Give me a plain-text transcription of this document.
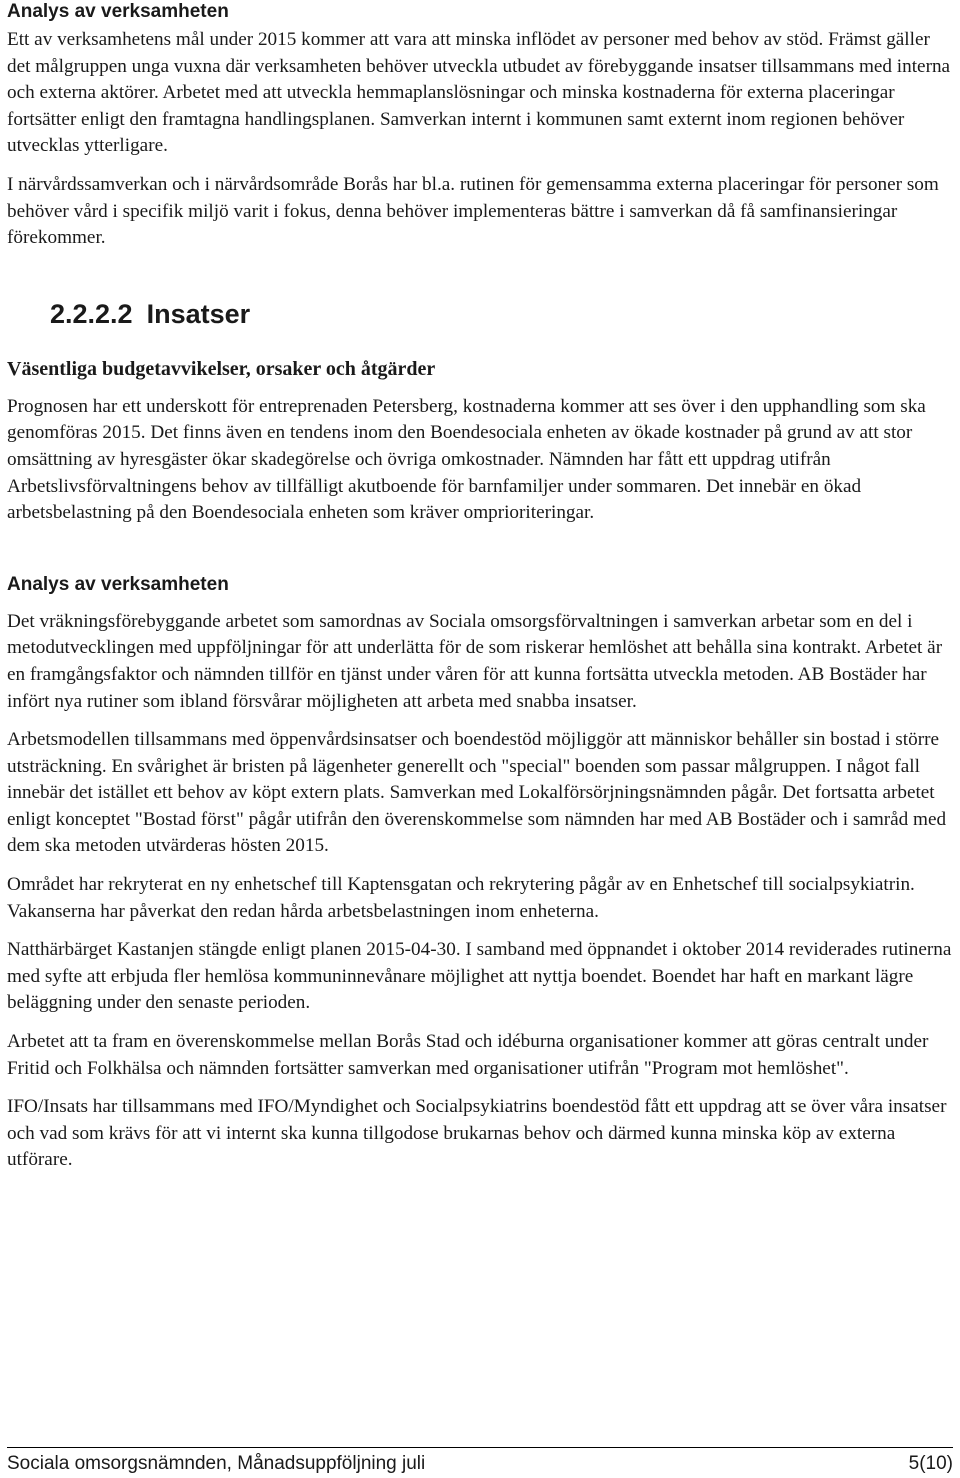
Analys av verksamheten

Ett av verksamhetens mål under 2015 kommer att vara att minska inflödet av personer med behov av stöd. Främst gäller det målgruppen unga vuxna där verksamheten behöver utveckla utbudet av förebyggande insatser tillsammans med interna och externa aktörer. Arbetet med att utveckla hemmaplanslösningar och minska kostnaderna för externa placeringar fortsätter enligt den framtagna handlingsplanen. Samverkan internt i kommunen samt externt inom regionen behöver utvecklas ytterligare.

I närvårdssamverkan och i närvårdsområde Borås har bl.a. rutinen för gemensamma externa placeringar för personer som behöver vård i specifik miljö varit i fokus, denna behöver implementeras bättre i samverkan då få samfinansieringar förekommer.

2.2.2.2 Insatser
Väsentliga budgetavvikelser, orsaker och åtgärder

Prognosen har ett underskott för entreprenaden Petersberg, kostnaderna kommer att ses över i den upphandling som ska genomföras 2015. Det finns även en tendens inom den Boendesociala enheten av ökade kostnader på grund av att stor omsättning av hyresgäster ökar skadegörelse och övriga omkostnader. Nämnden har fått ett uppdrag utifrån Arbetslivsförvaltningens behov av tillfälligt akutboende för barnfamiljer under sommaren. Det innebär en ökad arbetsbelastning på den Boendesociala enheten som kräver omprioriteringar.

Analys av verksamheten

Det vräkningsförebyggande arbetet som samordnas av Sociala omsorgsförvaltningen i samverkan arbetar som en del i metodutvecklingen med uppföljningar för att underlätta för de som riskerar hemlöshet att behålla sina kontrakt. Arbetet är en framgångsfaktor och nämnden tillför en tjänst under våren för att kunna fortsätta utveckla metoden. AB Bostäder har infört nya rutiner som ibland försvårar möjligheten att arbeta med snabba insatser.

Arbetsmodellen tillsammans med öppenvårdsinsatser och boendestöd möjliggör att människor behåller sin bostad i större utsträckning. En svårighet är bristen på lägenheter generellt och "special" boenden som passar målgruppen. I något fall innebär det istället ett behov av köpt extern plats. Samverkan med Lokalförsörjningsnämnden pågår. Det fortsatta arbetet enligt konceptet "Bostad först" pågår utifrån den överenskommelse som nämnden har med AB Bostäder och i samråd med dem ska metoden utvärderas hösten 2015.

Området har rekryterat en ny enhetschef till Kaptensgatan och rekrytering pågår av en Enhetschef till socialpsykiatrin. Vakanserna har påverkat den redan hårda arbetsbelastningen inom enheterna.

Natthärbärget Kastanjen stängde enligt planen 2015-04-30. I samband med öppnandet i oktober 2014 reviderades rutinerna med syfte att erbjuda fler hemlösa kommuninnevånare möjlighet att nyttja boendet. Boendet har haft en markant lägre beläggning under den senaste perioden.

Arbetet att ta fram en överenskommelse mellan Borås Stad och idéburna organisationer kommer att göras centralt under Fritid och Folkhälsa och nämnden fortsätter samverkan med organisationer utifrån "Program mot hemlöshet".

IFO/Insats har tillsammans med IFO/Myndighet och Socialpsykiatrins boendestöd fått ett uppdrag att se över våra insatser och vad som krävs för att vi internt ska kunna tillgodose brukarnas behov och därmed kunna minska köp av externa utförare.

Sociala omsorgsnämnden, Månadsuppföljning juli	5(10)
